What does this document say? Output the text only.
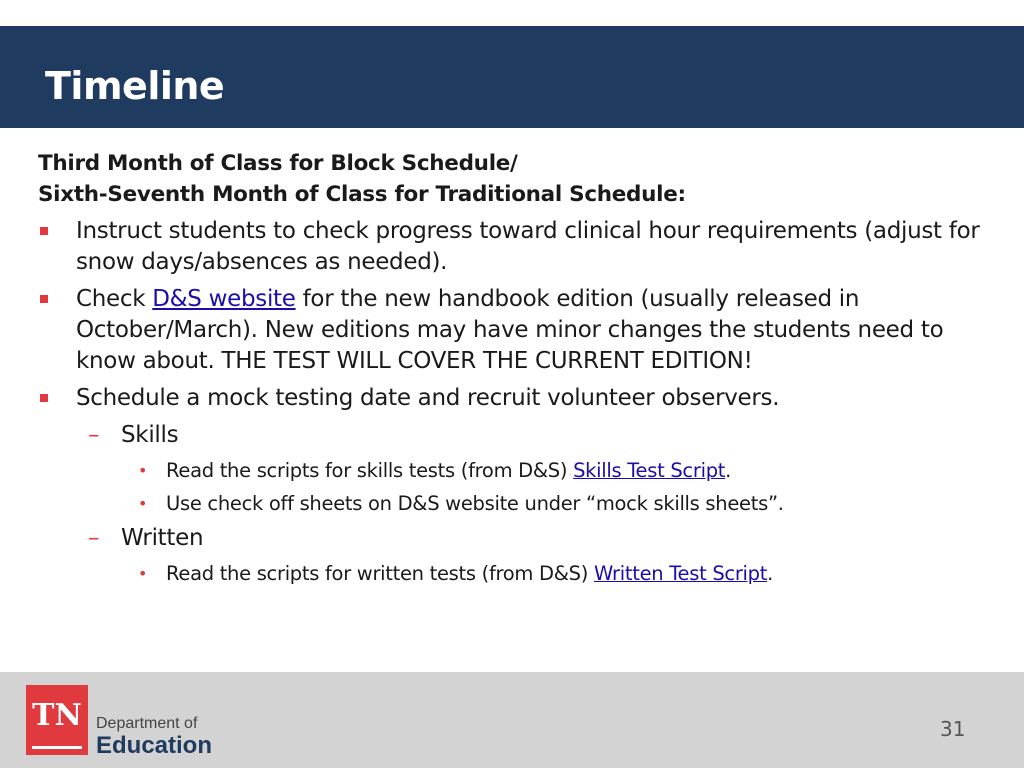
Timeline
Third Month of Class for Block Schedule/
Sixth-Seventh Month of Class for Traditional Schedule:
Instruct students to check progress toward clinical hour requirements (adjust for snow days/absences as needed).
Check D&S website for the new handbook edition (usually released in October/March). New editions may have minor changes the students need to know about. THE TEST WILL COVER THE CURRENT EDITION!
Schedule a mock testing date and recruit volunteer observers.
– Skills
• Read the scripts for skills tests (from D&S) Skills Test Script.
• Use check off sheets on D&S website under “mock skills sheets”.
– Written
• Read the scripts for written tests (from D&S) Written Test Script.
TN Department of
Education
31
